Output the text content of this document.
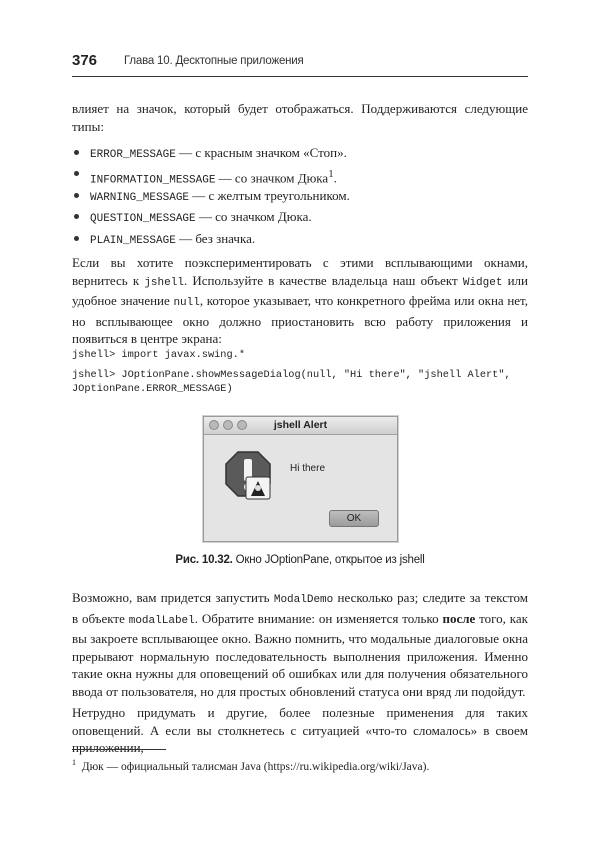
376 Глава 10. Десктопные приложения

влияет на значок, который будет отображаться. Поддерживаются следующие типы:

ERROR_MESSAGE — с красным значком «Стоп».
INFORMATION_MESSAGE — со значком Дюка$^1$.
WARNING_MESSAGE — с желтым треугольником.
QUESTION_MESSAGE — со значком Дюка.
PLAIN_MESSAGE — без значка.

Если вы хотите поэкспериментировать с этими всплывающими окнами, вернитесь к jshell. Используйте в качестве владельца наш объект Widget или удобное значение null, которое указывает, что конкретного фрейма или окна нет, но всплывающее окно должно приостановить всю работу приложения и появиться в центре экрана:

jshell> import javax.swing.*
jshell> JOptionPane.showMessageDialog(null, "Hi there", "jshell Alert",
JOptionPane.ERROR_MESSAGE)
jshell Alert
Hi there
OK
Рис. 10.32. Окно JOptionPane, открытое из jshell

Возможно, вам придется запустить ModalDemo несколько раз; следите за текстом в объекте modalLabel. Обратите внимание: он изменяется только после того, как вы закроете всплывающее окно. Важно помнить, что модальные диалоговые окна прерывают нормальную последовательность выполнения приложения. Именно такие окна нужны для оповещений об ошибках или для получения обязательного ввода от пользователя, но для простых обновлений статуса они вряд ли подойдут.

Нетрудно придумать и другие, более полезные применения для таких оповещений. А если вы столкнетесь с ситуацией «что-то сломалось» в своем приложении,

$^1$ Дюк — официальный талисман Java (https://ru.wikipedia.org/wiki/Java).
